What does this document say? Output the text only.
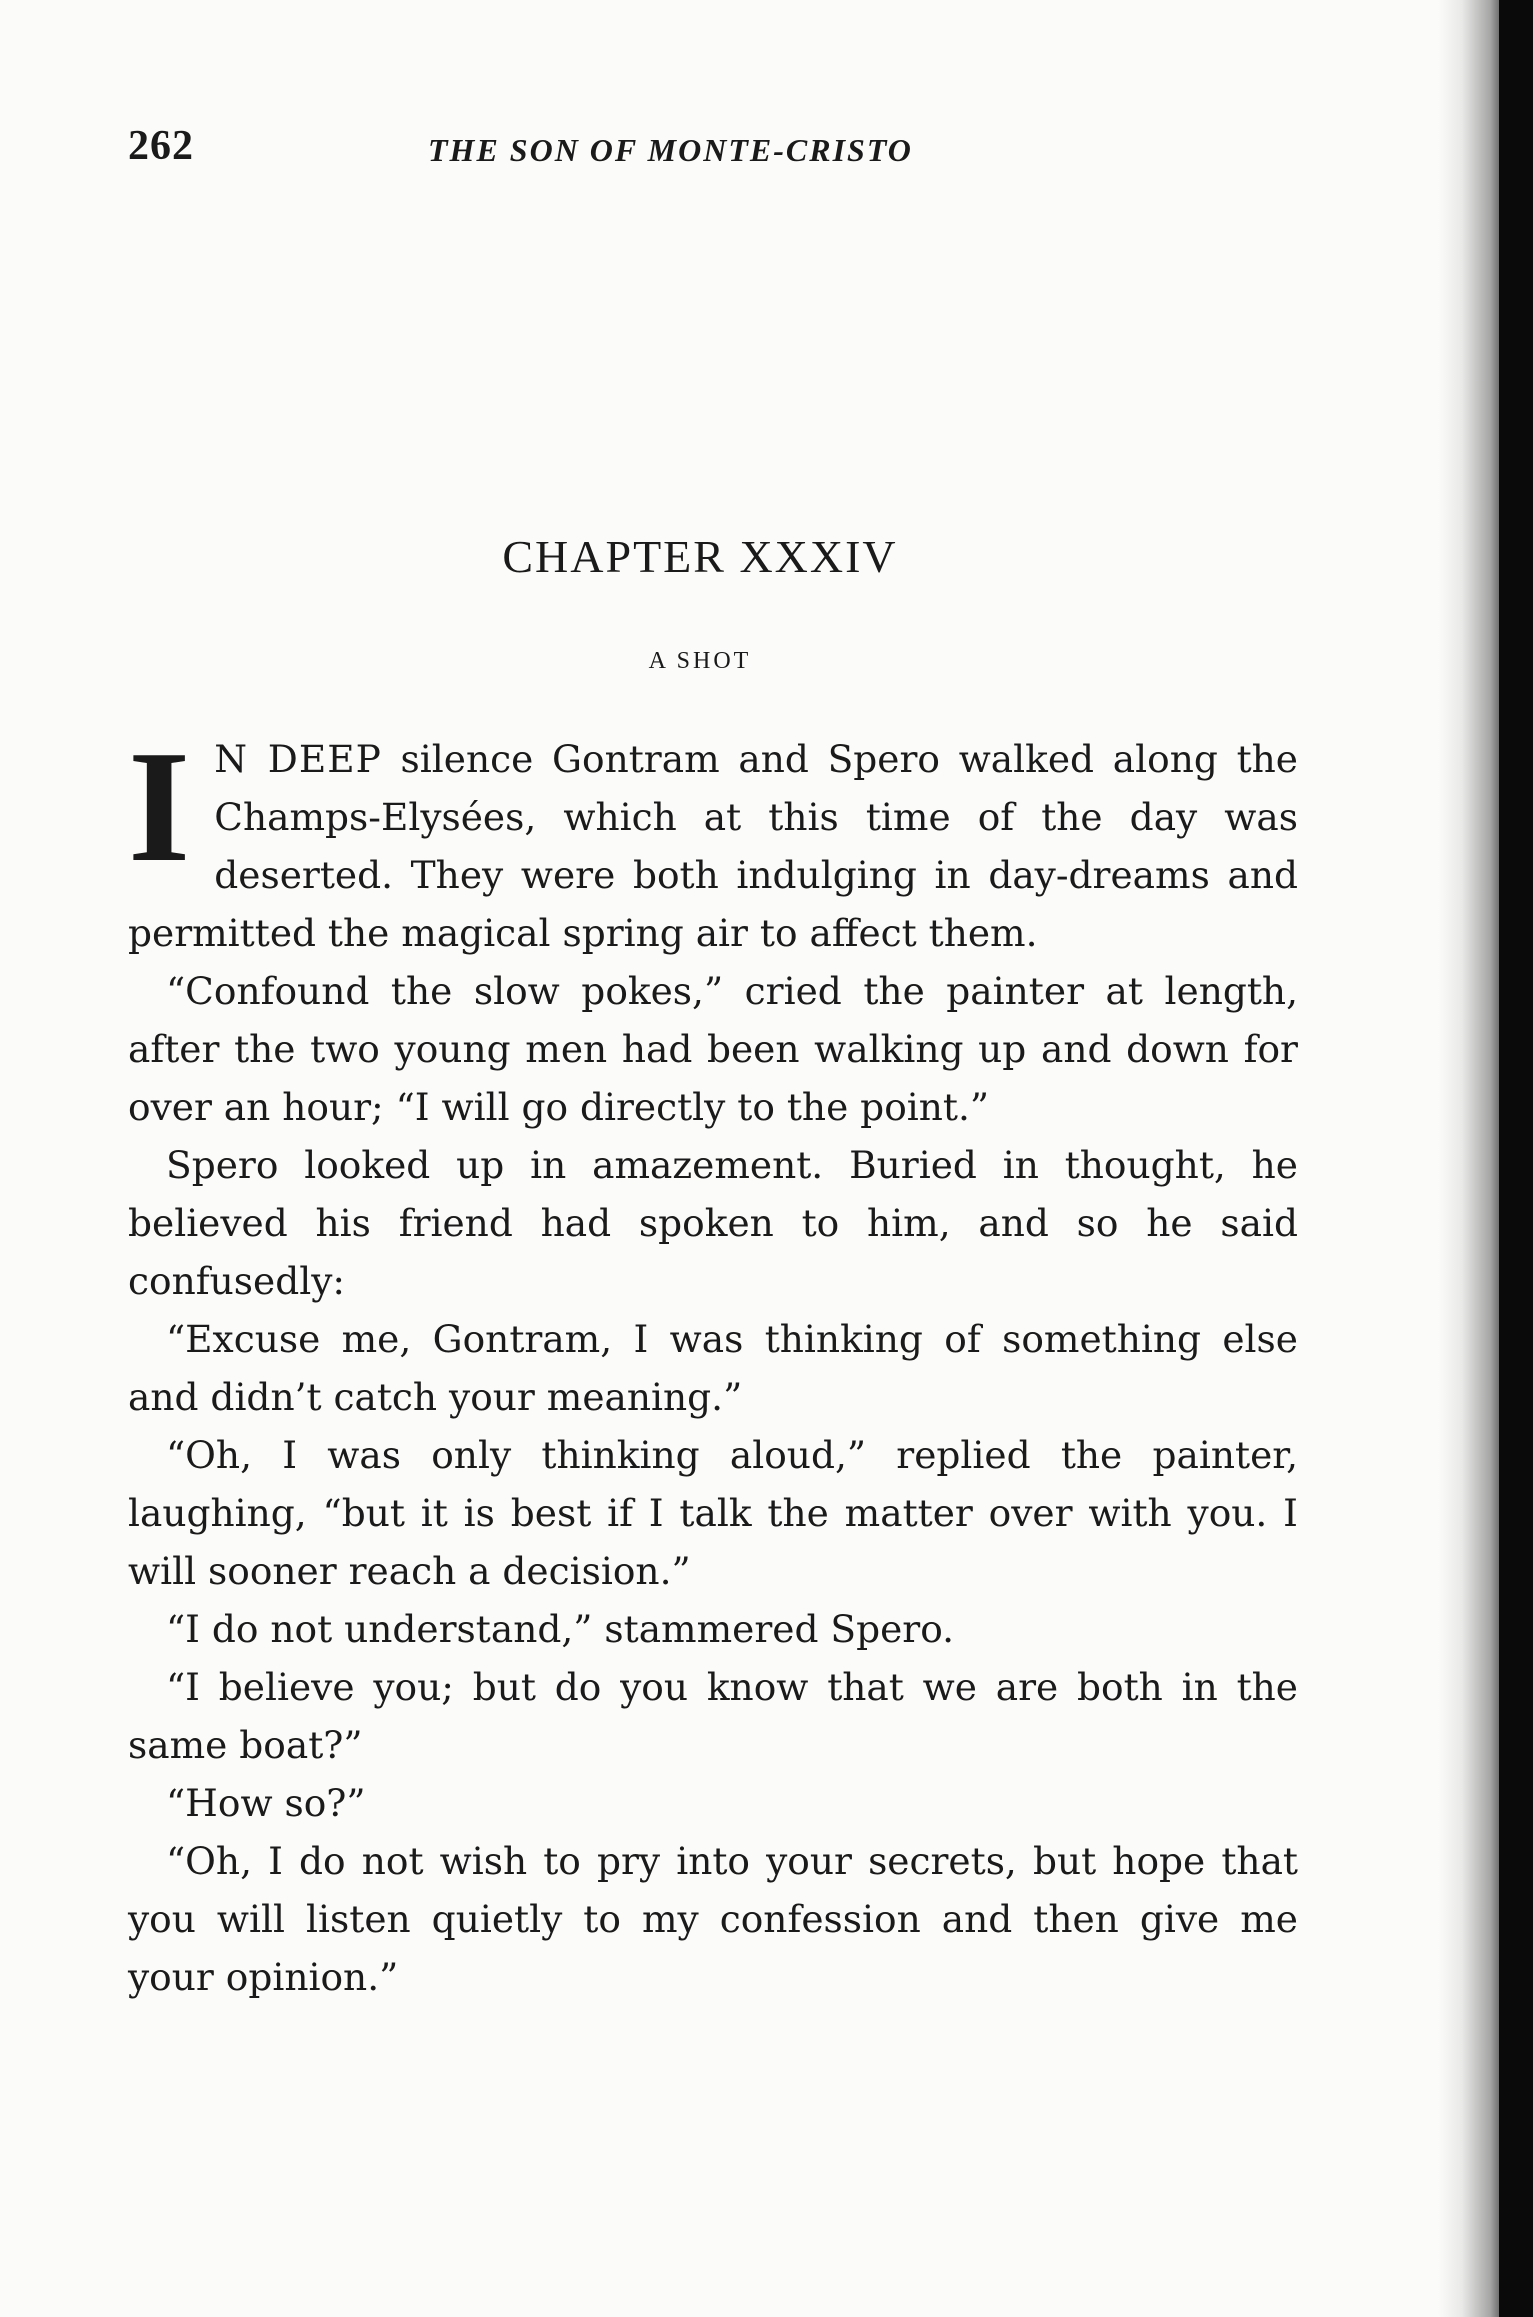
262	THE SON OF MONTE-CRISTO
CHAPTER XXXIV
A SHOT

I N DEEP silence Gontram and Spero walked along the Champs-Elysées, which at this time of the day was deserted. They were both indulging in day-dreams and permitted the magical spring air to affect them.

“Confound the slow pokes,” cried the painter at length, after the two young men had been walking up and down for over an hour; “I will go directly to the point.”

Spero looked up in amazement. Buried in thought, he believed his friend had spoken to him, and so he said confusedly:

“Excuse me, Gontram, I was thinking of something else and didn’t catch your meaning.”

“Oh, I was only thinking aloud,” replied the painter, laughing, “but it is best if I talk the matter over with you. I will sooner reach a decision.”

“I do not understand,” stammered Spero.

“I believe you; but do you know that we are both in the same boat?”

“How so?”

“Oh, I do not wish to pry into your secrets, but hope that you will listen quietly to my confession and then give me your opinion.”
